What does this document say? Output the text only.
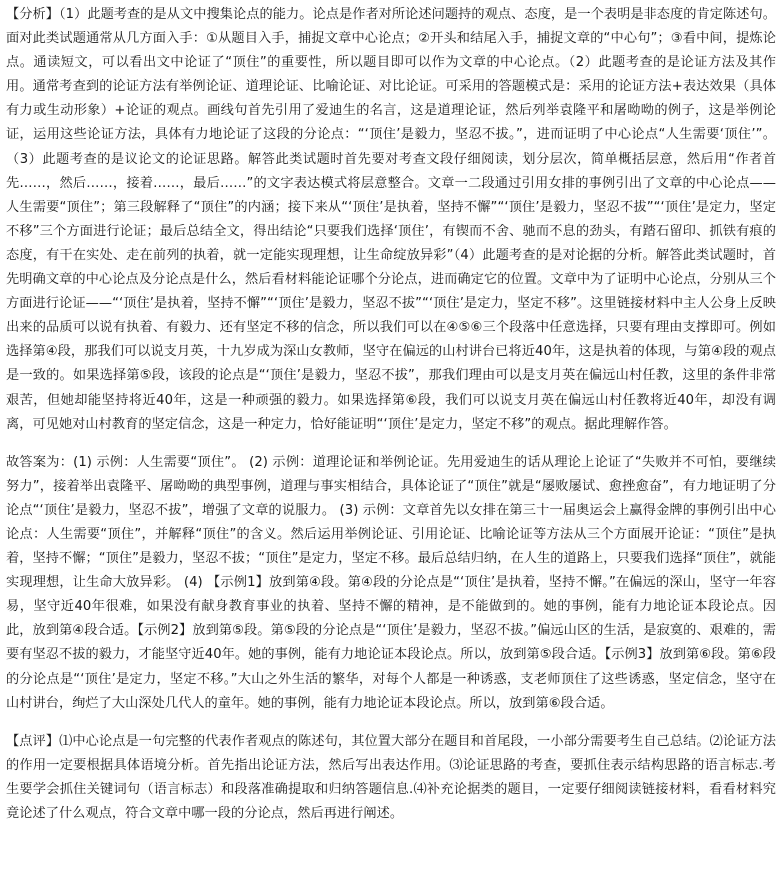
【分析】（1）此题考查的是从文中搜集论点的能力。论点是作者对所论述问题持的观点、态度，是一个表明是非态度的肯定陈述句。面对此类试题通常从几方面入手：①从题目入手，捕捉文章中心论点；②开头和结尾入手，捕捉文章的“中心句”；③看中间，提炼论点。通读短文，可以看出文中论证了“顶住”的重要性，所以题目即可以作为文章的中心论点。（2）此题考查的是论证方法及其作用。通常考查到的论证方法有举例论证、道理论证、比喻论证、对比论证。可采用的答题模式是：采用的论证方法+表达效果（具体有力或生动形象）+论证的观点。画线句首先引用了爱迪生的名言，这是道理论证，然后列举袁隆平和屠呦呦的例子，这是举例论证，运用这些论证方法，具体有力地论证了这段的分论点：“‘顶住’是毅力，坚忍不拔。”，进而证明了中心论点“人生需要‘顶住’”。（3）此题考查的是议论文的论证思路。解答此类试题时首先要对考查文段仔细阅读，划分层次，简单概括层意，然后用“作者首先……，然后……，接着……，最后……”的文字表达模式将层意整合。文章一二段通过引用女排的事例引出了文章的中心论点——人生需要“顶住”；第三段解释了“顶住”的内涵；接下来从“‘顶住’是执着，坚持不懈”“‘顶住’是毅力，坚忍不拔”“‘顶住’是定力，坚定不移”三个方面进行论证；最后总结全文，得出结论“只要我们选择‘顶住’，有锲而不舍、驰而不息的劲头，有踏石留印、抓铁有痕的态度，有干在实处、走在前列的执着，就一定能实现理想，让生命绽放异彩”（4）此题考查的是对论据的分析。解答此类试题时，首先明确文章的中心论点及分论点是什么，然后看材料能论证哪个分论点，进而确定它的位置。文章中为了证明中心论点，分别从三个方面进行论证——“‘顶住’是执着，坚持不懈”“‘顶住’是毅力，坚忍不拔”“‘顶住’是定力，坚定不移”。这里链接材料中主人公身上反映出来的品质可以说有执着、有毅力、还有坚定不移的信念，所以我们可以在④⑤⑥三个段落中任意选择，只要有理由支撑即可。例如选择第④段，那我们可以说支月英，十九岁成为深山女教师，坚守在偏远的山村讲台已将近40年，这是执着的体现，与第④段的观点是一致的。如果选择第⑤段，该段的论点是“‘顶住’是毅力，坚忍不拔”，那我们理由可以是支月英在偏远山村任教，这里的条件非常艰苦，但她却能坚持将近40年，这是一种顽强的毅力。如果选择第⑥段，我们可以说支月英在偏远山村任教将近40年，却没有调离，可见她对山村教育的坚定信念，这是一种定力，恰好能证明“‘顶住’是定力，坚定不移”的观点。据此理解作答。

故答案为：(1) 示例：人生需要“顶住”。 (2) 示例：道理论证和举例论证。先用爱迪生的话从理论上论证了“失败并不可怕，要继续努力”，接着举出袁隆平、屠呦呦的典型事例，道理与事实相结合，具体论证了“顶住”就是“屡败屡试、愈挫愈奋”，有力地证明了分论点“‘顶住’是毅力，坚忍不拔”，增强了文章的说服力。 (3) 示例：文章首先以女排在第三十一届奥运会上赢得金牌的事例引出中心论点：人生需要“顶住”，并解释“顶住”的含义。然后运用举例论证、引用论证、比喻论证等方法从三个方面展开论证：“顶住”是执着，坚持不懈；“顶住”是毅力，坚忍不拔；“顶住”是定力，坚定不移。最后总结归纳，在人生的道路上，只要我们选择“顶住”，就能实现理想，让生命大放异彩。 (4) 【示例1】放到第④段。第④段的分论点是“‘顶住’是执着，坚持不懈。”在偏远的深山，坚守一年容易，坚守近40年很难，如果没有献身教育事业的执着、坚持不懈的精神，是不能做到的。她的事例，能有力地论证本段论点。因此，放到第④段合适。【示例2】放到第⑤段。第⑤段的分论点是“‘顶住’是毅力，坚忍不拔。”偏远山区的生活，是寂寞的、艰难的，需要有坚忍不拔的毅力，才能坚守近40年。她的事例，能有力地论证本段论点。所以，放到第⑤段合适。【示例3】放到第⑥段。第⑥段的分论点是“‘顶住’是定力，坚定不移。”大山之外生活的繁华，对每个人都是一种诱惑，支老师顶住了这些诱惑，坚定信念，坚守在山村讲台，绚烂了大山深处几代人的童年。她的事例，能有力地论证本段论点。所以，放到第⑥段合适。

【点评】⑴中心论点是一句完整的代表作者观点的陈述句，其位置大部分在题目和首尾段，一小部分需要考生自己总结。⑵论证方法的作用一定要根据具体语境分析。首先指出论证方法，然后写出表达作用。⑶论证思路的考查，要抓住表示结构思路的语言标志.考生要学会抓住关键词句（语言标志）和段落准确提取和归纳答题信息.⑷补充论据类的题目，一定要仔细阅读链接材料，看看材料究竟论述了什么观点，符合文章中哪一段的分论点，然后再进行阐述。
